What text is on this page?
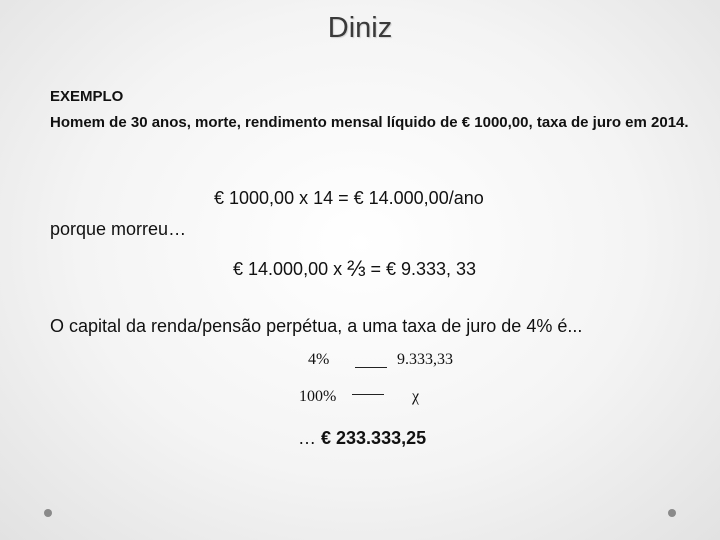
Diniz
EXEMPLO
Homem de 30 anos, morte, rendimento mensal líquido de € 1000,00, taxa de juro em 2014.
€ 1000,00 x 14 = € 14.000,00/ano
porque morreu…
€ 14.000,00 x ⅔ = € 9.333, 33
O capital da renda/pensão perpétua, a uma taxa de juro de 4% é...
4%	9.333,33
100%	χ
… € 233.333,25
